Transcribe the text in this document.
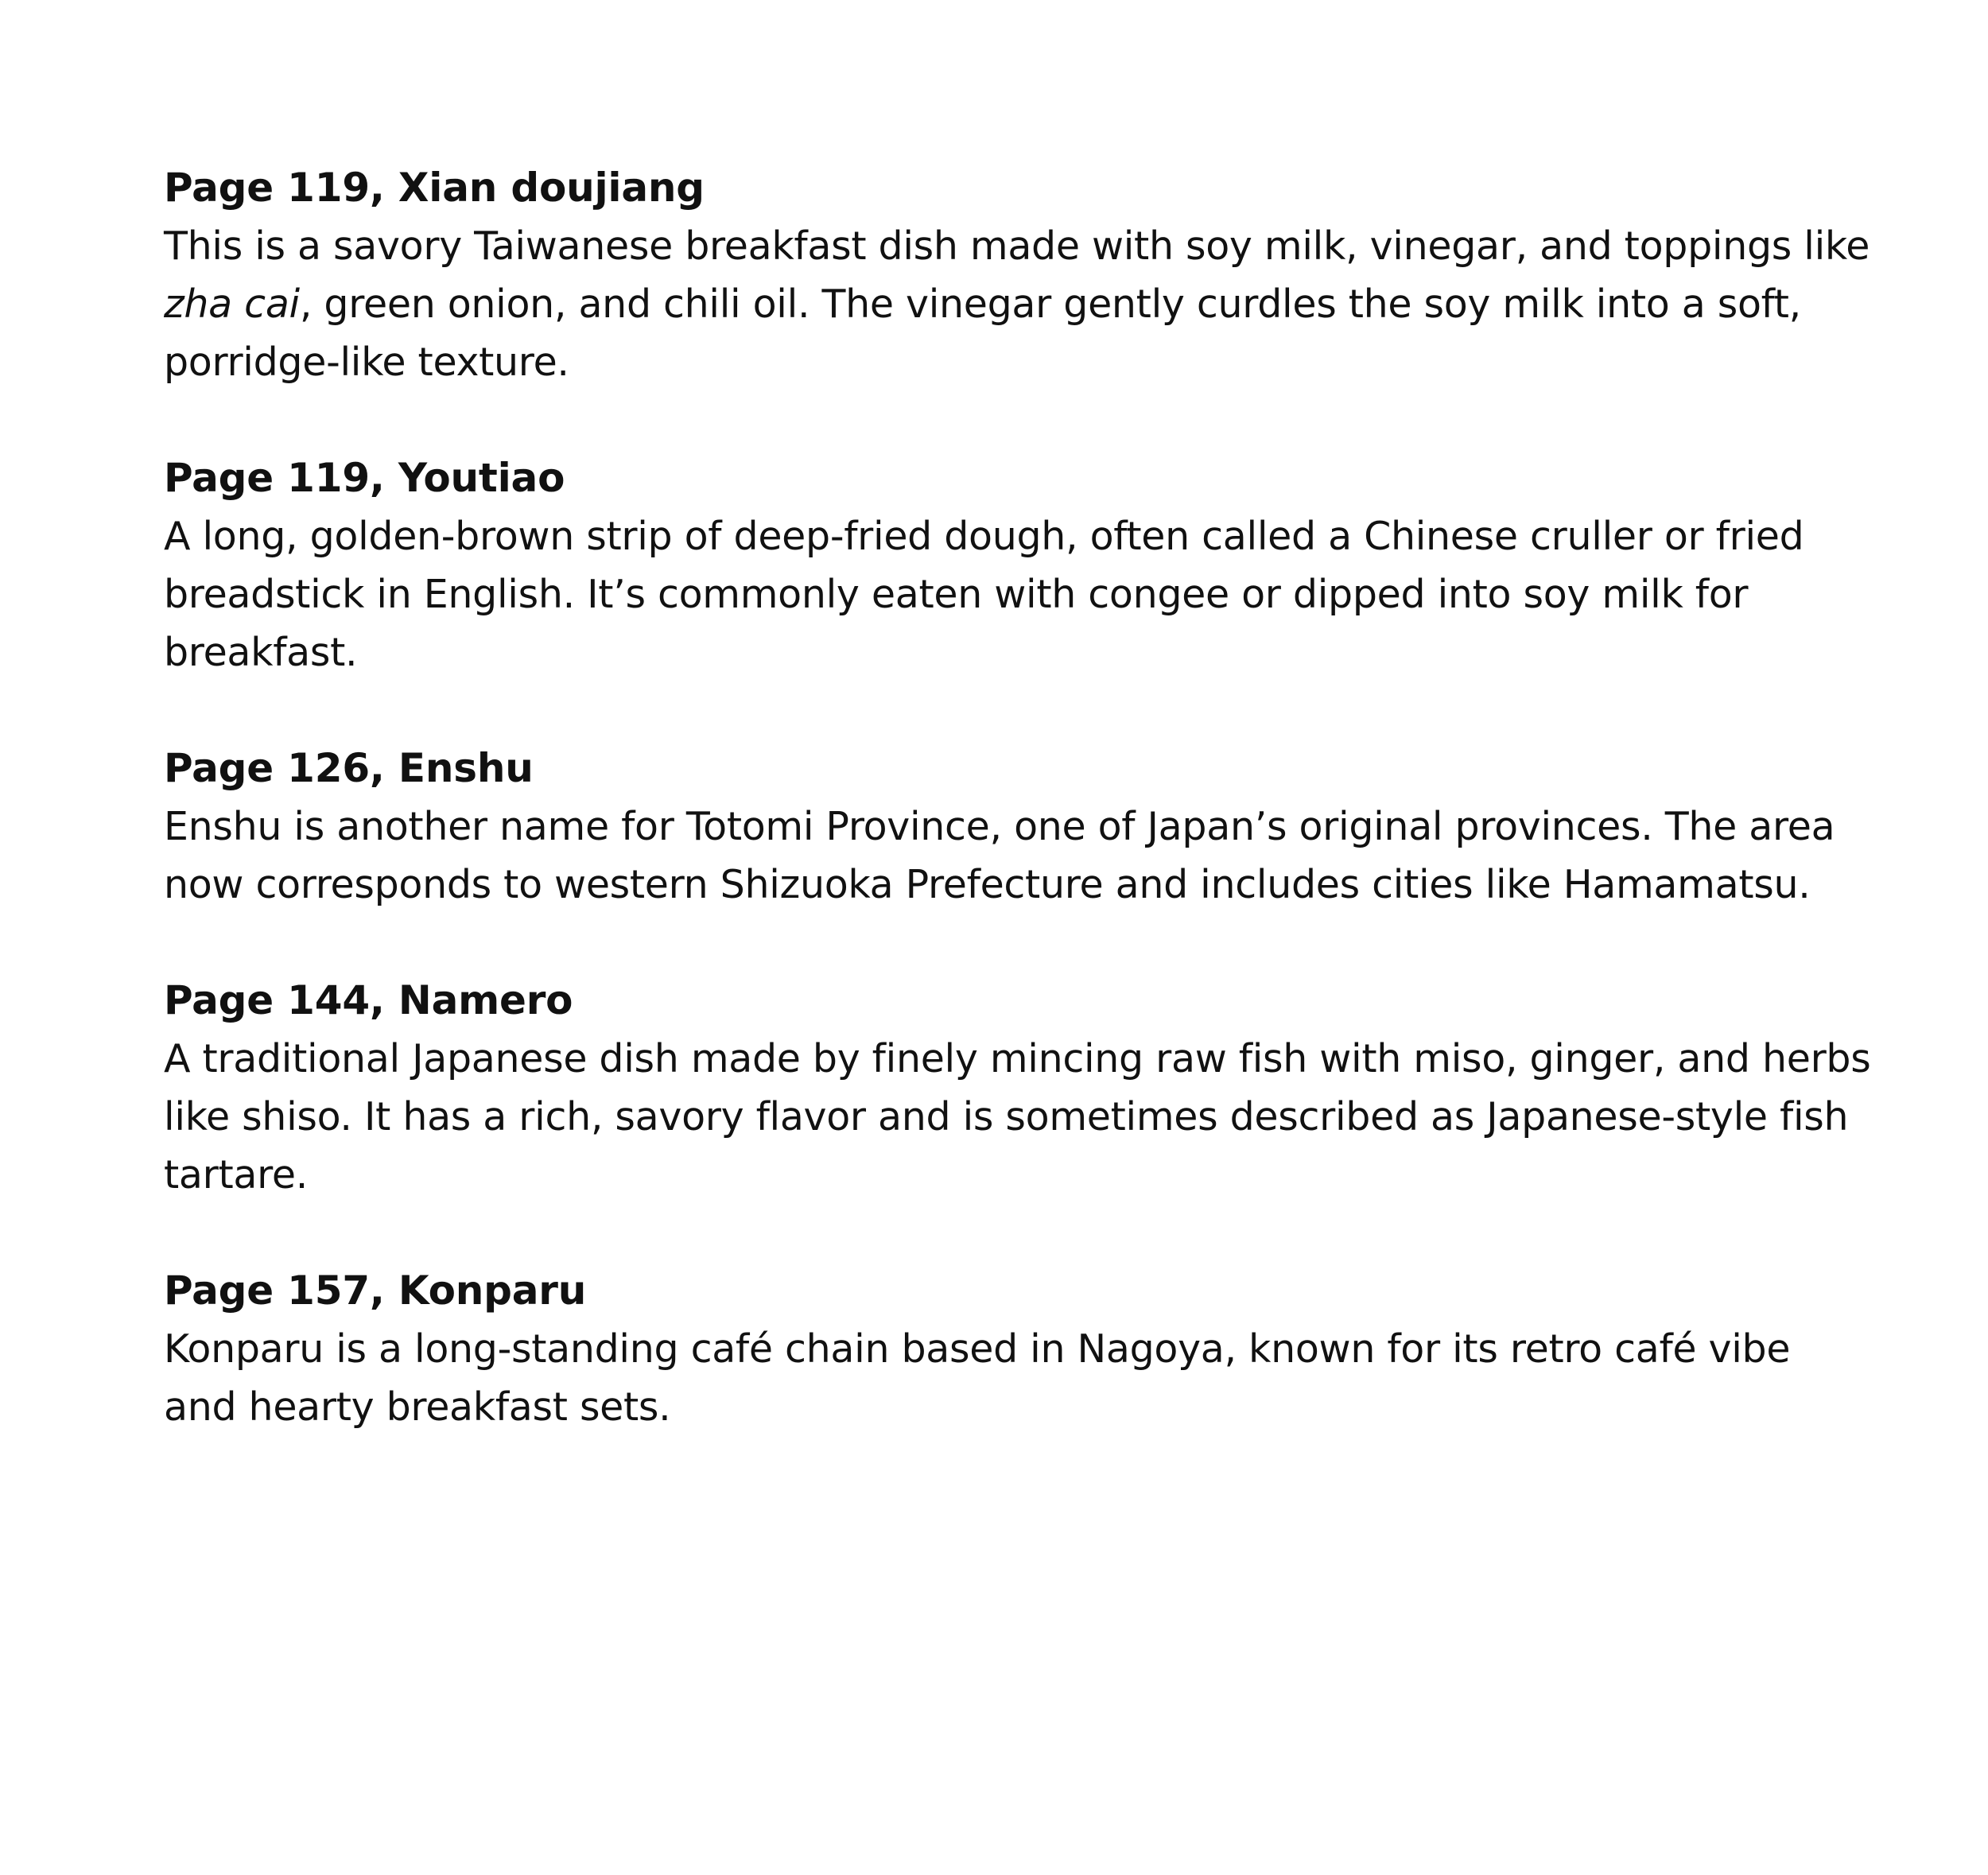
Page 119, Xian doujiang

This is a savory Taiwanese breakfast dish made with soy milk, vinegar, and toppings like zha cai, green onion, and chili oil. The vinegar gently curdles the soy milk into a soft, porridge-like texture.

Page 119, Youtiao

A long, golden-brown strip of deep-fried dough, often called a Chinese cruller or fried breadstick in English. It’s commonly eaten with congee or dipped into soy milk for breakfast.

Page 126, Enshu

Enshu is another name for Totomi Province, one of Japan’s original provinces. The area now corresponds to western Shizuoka Prefecture and includes cities like Hamamatsu.

Page 144, Namero

A traditional Japanese dish made by finely mincing raw fish with miso, ginger, and herbs like shiso. It has a rich, savory flavor and is sometimes described as Japanese-style fish tartare.

Page 157, Konparu

Konparu is a long-standing café chain based in Nagoya, known for its retro café vibe and hearty breakfast sets.
